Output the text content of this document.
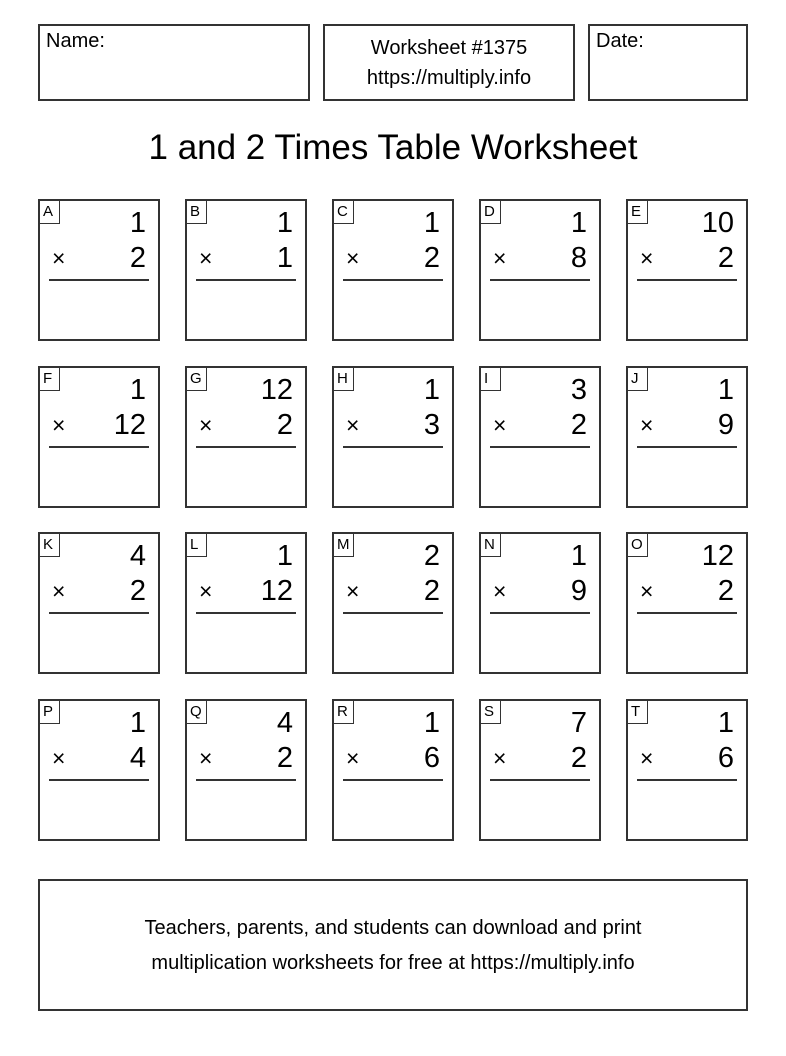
Name:	Worksheet #1375
https://multiply.info
Date:
1 and 2 Times Table Worksheet
A	1
× 2
B	1
× 1
C	1
× 2
D	1
× 8
E 10
× 2
F	1
× 12
G 12
× 2
H	1
× 3
I	3
× 2
J	1
× 9
K	4
× 2
L	1
× 12
M	2
× 2
N	1
× 9
O 12
× 2
P	1
× 4
Q	4
× 2
R	1
× 6
S	7
× 2
T	1
× 6
Teachers, parents, and students can download and print
multiplication worksheets for free at https://multiply.info
